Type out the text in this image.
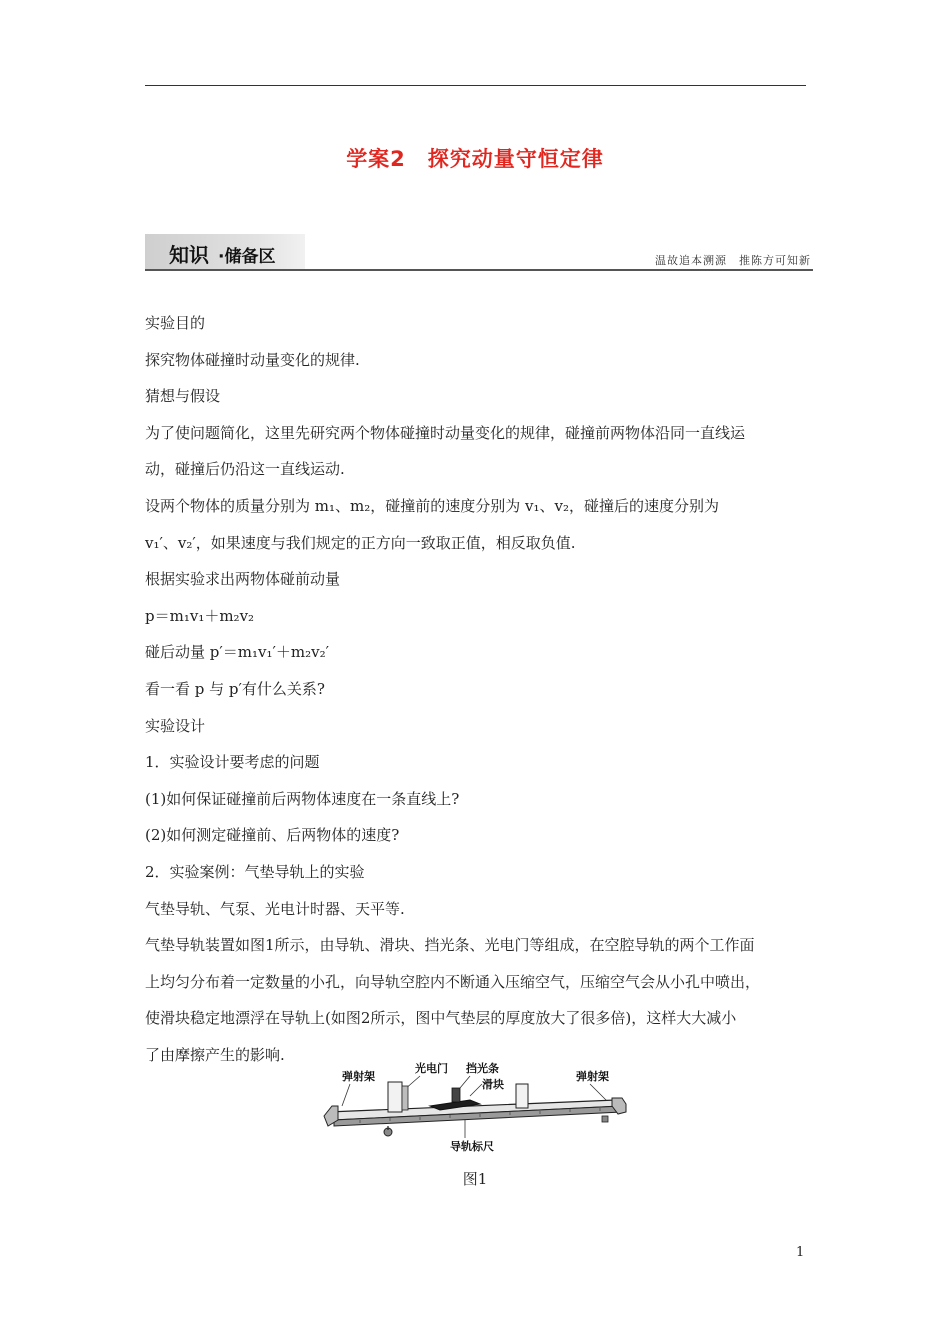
学案2　探究动量守恒定律
知识 ·储备区	温故追本溯源　推陈方可知新

实验目的

探究物体碰撞时动量变化的规律.

猜想与假设

为了使问题简化，这里先研究两个物体碰撞时动量变化的规律，碰撞前两物体沿同一直线运

动，碰撞后仍沿这一直线运动.

设两个物体的质量分别为 m₁、m₂，碰撞前的速度分别为 v₁、v₂，碰撞后的速度分别为

v₁′、v₂′，如果速度与我们规定的正方向一致取正值，相反取负值.

根据实验求出两物体碰前动量

p＝m₁v₁＋m₂v₂

碰后动量 p′＝m₁v₁′＋m₂v₂′

看一看 p 与 p′有什么关系?

实验设计

1．实验设计要考虑的问题

(1)如何保证碰撞前后两物体速度在一条直线上?

(2)如何测定碰撞前、后两物体的速度?

2．实验案例：气垫导轨上的实验

气垫导轨、气泵、光电计时器、天平等.

气垫导轨装置如图1所示，由导轨、滑块、挡光条、光电门等组成，在空腔导轨的两个工作面

上均匀分布着一定数量的小孔，向导轨空腔内不断通入压缩空气，压缩空气会从小孔中喷出，

使滑块稳定地漂浮在导轨上(如图2所示，图中气垫层的厚度放大了很多倍)，这样大大减小

了由摩擦产生的影响.

弹射架
光电门 挡光条
滑块
弹射架
导轨标尺
图1
1
